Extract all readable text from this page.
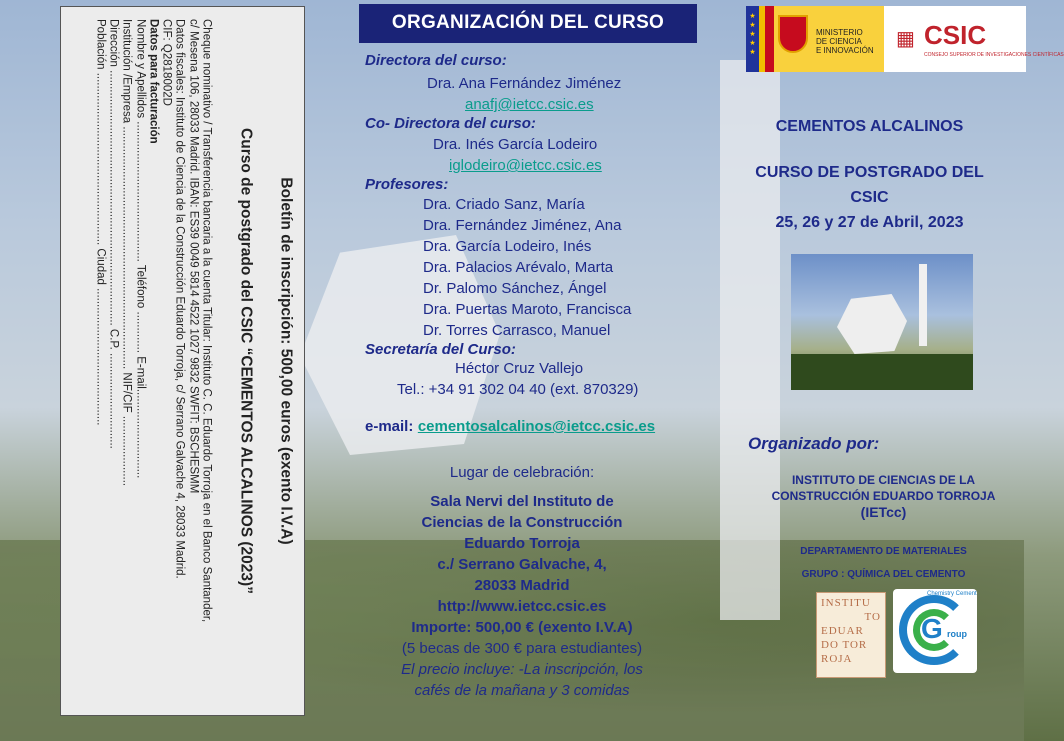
Boletín de inscripción: 500,00 euros (exento I.V.A)
Curso de postgrado del CSIC “CEMENTOS ALCALINOS (2023)”
Cheque nominativo / Transferencia bancaria a la cuenta Titular: Instituto C. C. Eduardo Torroja en el Banco Santander,
c/ Mesena 106, 28033 Madrid. IBAN: ES39 0049 5814 4522 1027 9832 SWFIT: BSCHESMM
Datos fiscales: Instituto de Ciencia de la Construcción Eduardo Torroja, c/ Serrano Galvache 4, 28033 Madrid.
CIF: Q2818002D
Datos para facturación
Nombre y Apellidos ............................................ Teléfono ............. E-mail............................
Institución /Empresa ............................................................................ NIF/CIF ......................
Dirección ................................................................................ C.P. ..............................
Población ...................................................... Ciudad ...........................................	ORGANIZACIÓN DEL CURSO
Directora del curso:
Dra. Ana Fernández Jiménez
anafj@ietcc.csic.es
Co- Directora del curso:
Dra. Inés García Lodeiro
iglodeiro@ietcc.csic.es
Profesores:
Dra. Criado Sanz, María
Dra. Fernández Jiménez, Ana
Dra. García Lodeiro, Inés
Dra. Palacios Arévalo, Marta
Dr. Palomo Sánchez, Ángel
Dra. Puertas Maroto, Francisca
Dr. Torres Carrasco, Manuel
Secretaría del Curso:
Héctor Cruz Vallejo
Tel.: +34 91 302 04 40 (ext. 870329)
e-mail: cementosalcalinos@ietcc.csic.es
Lugar de celebración:
Sala Nervi del Instituto de
Ciencias de la Construcción
Eduardo Torroja
c./ Serrano Galvache, 4,
28033 Madrid
http://www.ietcc.csic.es
Importe: 500,00 € (exento I.V.A)
(5 becas de 300 € para estudiantes)
El precio incluye: -La inscripción, los
cafés de la mañana y 3 comidas
★
★
★
★
★
MINISTERIO
DE CIENCIA
E INNOVACIÓN
▦ CSIC
CONSEJO SUPERIOR DE INVESTIGACIONES CIENTÍFICAS
CEMENTOS ALCALINOS
CURSO DE POSTGRADO DEL
CSIC
25, 26 y 27 de Abril, 2023
Organizado por:
INSTITUTO DE CIENCIAS DE LA
CONSTRUCCIÓN EDUARDO TORROJA
(IETcc)
DEPARTAMENTO DE MATERIALES
GRUPO : QUÍMICA DEL CEMENTO
INSTITU
TO
EDUAR
DO TOR
ROJA
Chemistry Cement
G roup
